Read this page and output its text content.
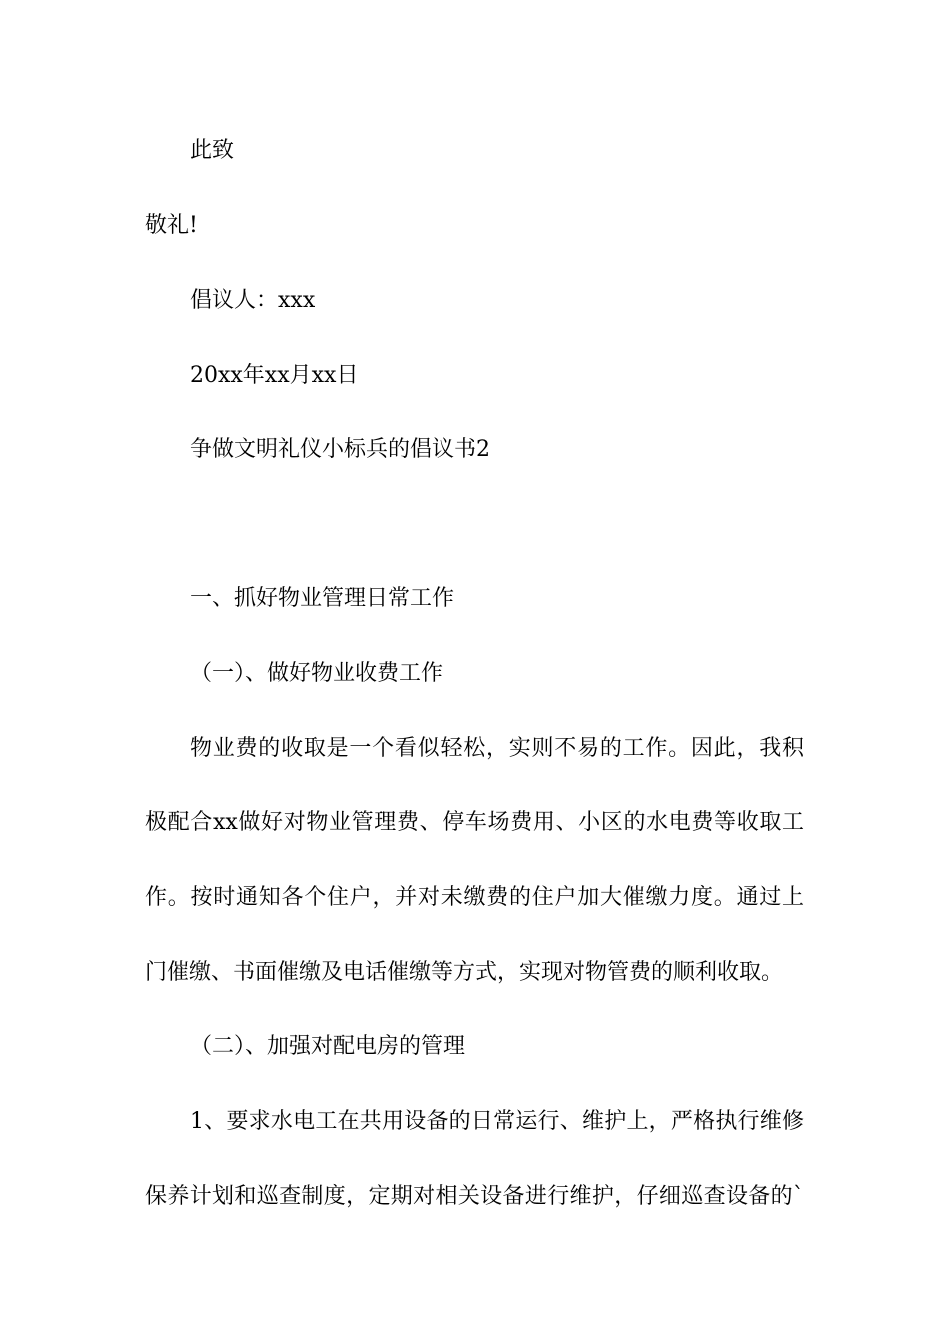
此致
敬礼!
倡议人：xxx
20xx年xx月xx日
争做文明礼仪小标兵的倡议书2
一、抓好物业管理日常工作
（一）、做好物业收费工作
物业费的收取是一个看似轻松，实则不易的工作。因此，我积
极配合xx做好对物业管理费、停车场费用、小区的水电费等收取工
作。按时通知各个住户，并对未缴费的住户加大催缴力度。通过上
门催缴、书面催缴及电话催缴等方式，实现对物管费的顺利收取。
（二）、加强对配电房的管理
1、要求水电工在共用设备的日常运行、维护上，严格执行维修
保养计划和巡查制度，定期对相关设备进行维护，仔细巡查设备的`
